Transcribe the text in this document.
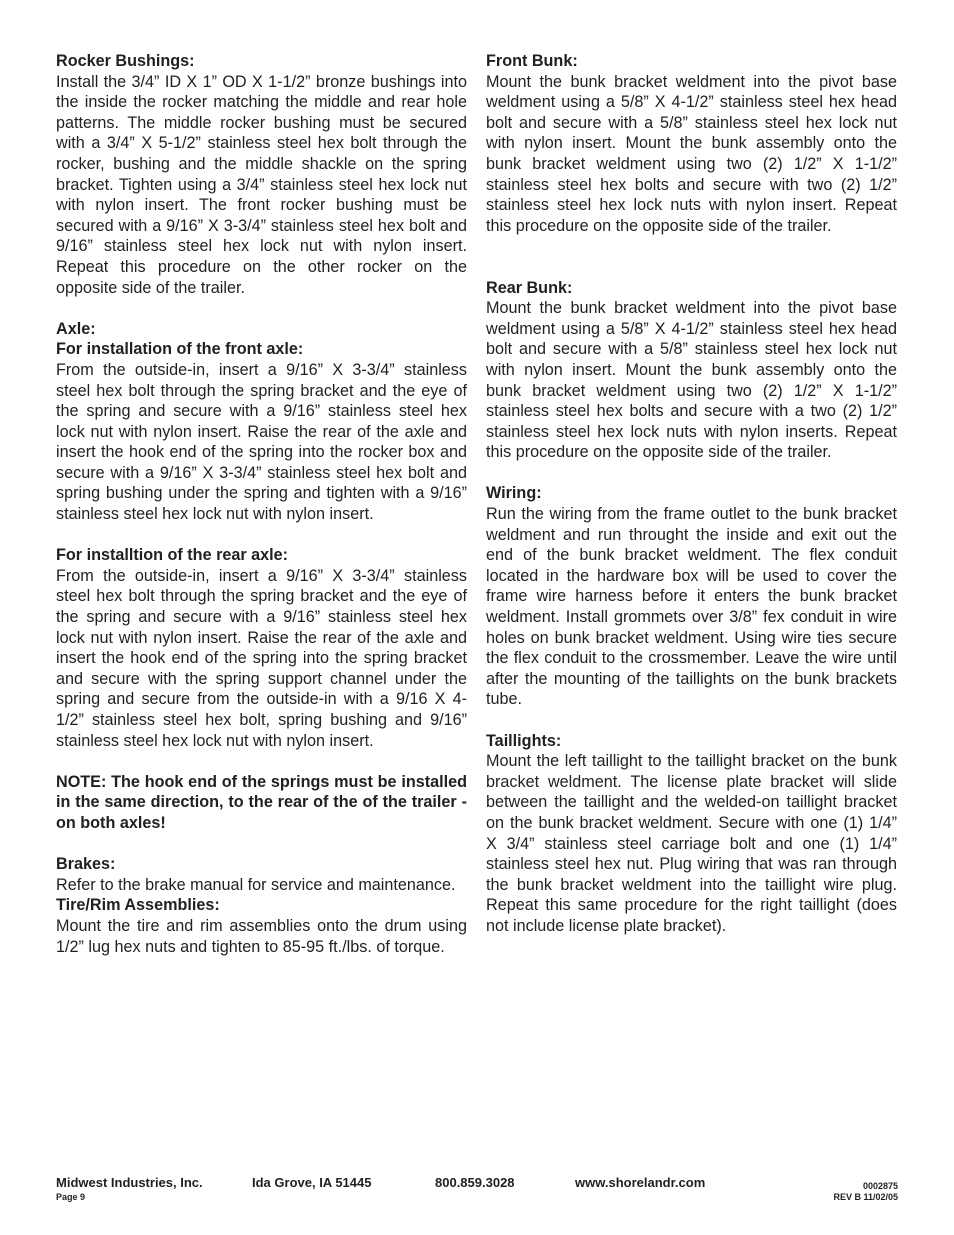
Rocker Bushings:

Install the 3/4” ID X 1” OD X 1-1/2” bronze bushings into the inside the rocker matching the middle and rear hole patterns. The middle rocker bushing must be secured with a 3/4” X 5-1/2” stainless steel hex bolt through the rocker, bushing and the middle shackle on the spring bracket. Tighten using a 3/4” stainless steel hex lock nut with nylon insert. The front rocker bushing must be secured with a 9/16” X 3-3/4” stainless steel hex bolt and 9/16” stainless steel hex lock nut with nylon insert. Repeat this procedure on the other rocker on the opposite side of the trailer.

Axle:
For installation of the front axle:

From the outside-in, insert a 9/16” X 3-3/4” stainless steel hex bolt through the spring bracket and the eye of the spring and secure with a 9/16” stainless steel hex lock nut with nylon insert. Raise the rear of the axle and insert the hook end of the spring into the rocker box and secure with a 9/16” X 3-3/4” stainless steel hex bolt and spring bushing under the spring and tighten with a 9/16” stainless steel hex lock nut with nylon insert.

For installtion of the rear axle:

From the outside-in, insert a 9/16” X 3-3/4” stainless steel hex bolt through the spring bracket and the eye of the spring and secure with a 9/16” stainless steel hex lock nut with nylon insert. Raise the rear of the axle and insert the hook end of the spring into the spring bracket and secure with the spring support channel under the spring and secure from the outside-in with a 9/16 X 4-1/2” stainless steel hex bolt, spring bushing and 9/16” stainless steel hex lock nut with nylon insert.

NOTE: The hook end of the springs must be installed in the same direction, to the rear of the of the trailer - on both axles!

Brakes:

Refer to the brake manual for service and maintenance.

Tire/Rim Assemblies:

Mount the tire and rim assemblies onto the drum using 1/2” lug hex nuts and tighten to 85-95 ft./lbs. of torque.

Front Bunk:

Mount the bunk bracket weldment into the pivot base weldment using a 5/8” X 4-1/2” stainless steel hex head bolt and secure with a 5/8” stainless steel hex lock nut with nylon insert. Mount the bunk assembly onto the bunk bracket weldment using two (2) 1/2” X 1-1/2” stainless steel hex bolts and secure with two (2) 1/2” stainless steel hex lock nuts with nylon insert. Repeat this procedure on the opposite side of the trailer.

Rear Bunk:

Mount the bunk bracket weldment into the pivot base weldment using a 5/8” X 4-1/2” stainless steel hex head bolt and secure with a 5/8” stainless steel hex lock nut with nylon insert. Mount the bunk assembly onto the bunk bracket weldment using two (2) 1/2” X 1-1/2” stainless steel hex bolts and secure with a two (2) 1/2” stainless steel hex lock nuts with nylon inserts. Repeat this procedure on the opposite side of the trailer.

Wiring:

Run the wiring from the frame outlet to the bunk bracket weldment and run throught the inside and exit out the end of the bunk bracket weldment. The flex conduit located in the hardware box will be used to cover the frame wire harness before it enters the bunk bracket weldment. Install grommets over 3/8” fex conduit in wire holes on bunk bracket weldment. Using wire ties secure the flex conduit to the crossmember. Leave the wire until after the mounting of the taillights on the bunk brackets tube.

Taillights:

Mount the left taillight to the taillight bracket on the bunk bracket weldment. The license plate bracket will slide between the taillight and the welded-on taillight bracket on the bunk bracket weldment. Secure with one (1) 1/4” X 3/4” stainless steel carriage bolt and one (1) 1/4” stainless steel hex nut. Plug wiring that was ran through the bunk bracket weldment into the taillight wire plug. Repeat this same procedure for the right taillight (does not include license plate bracket).

Midwest Industries, Inc.	Ida Grove, IA 51445	800.859.3028	www.shorelandr.com
Page 9
0002875
REV B 11/02/05
